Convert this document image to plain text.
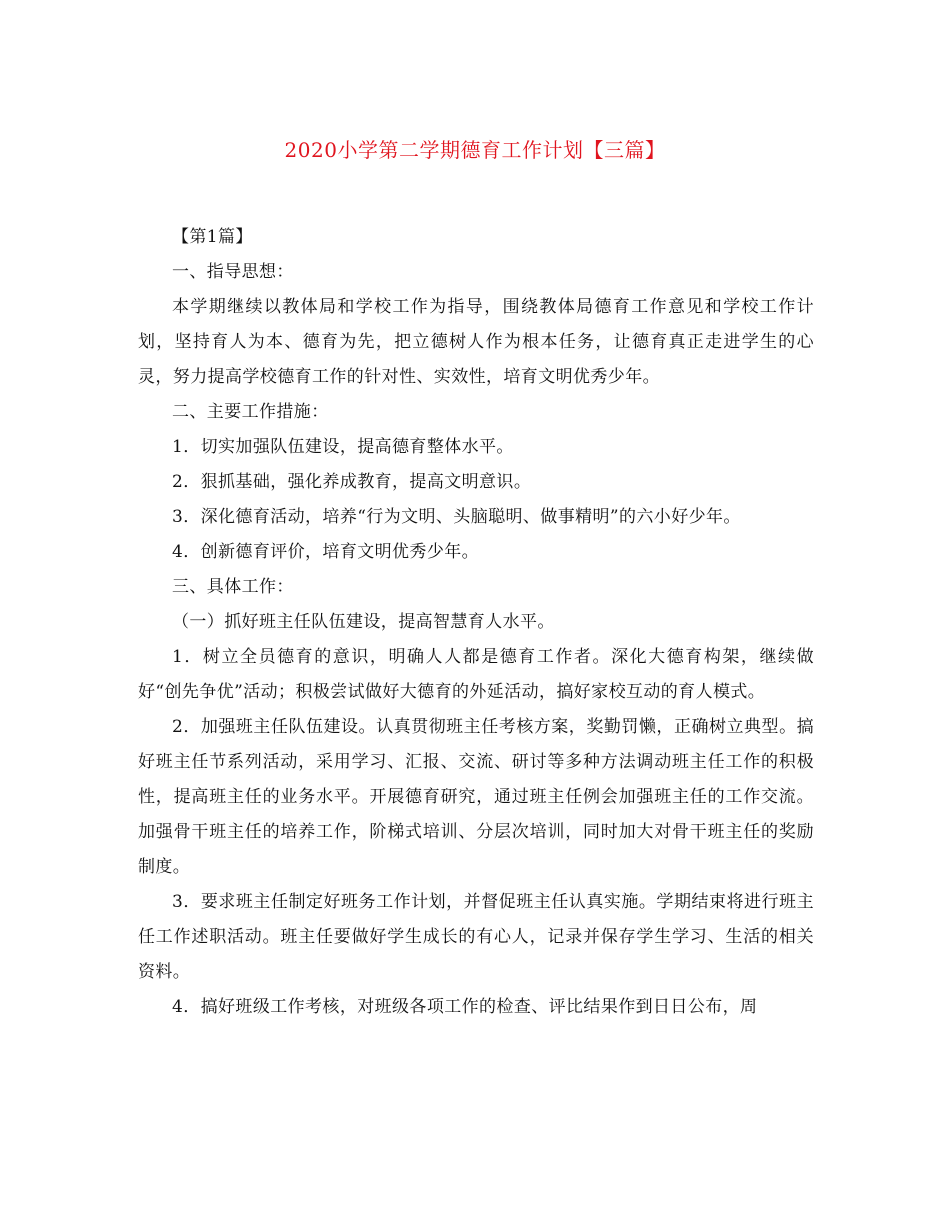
2020小学第二学期德育工作计划【三篇】

【第1篇】

一、指导思想：

本学期继续以教体局和学校工作为指导，围绕教体局德育工作意见和学校工作计划，坚持育人为本、德育为先，把立德树人作为根本任务，让德育真正走进学生的心灵，努力提高学校德育工作的针对性、实效性，培育文明优秀少年。

二、主要工作措施：

1．切实加强队伍建设，提高德育整体水平。

2．狠抓基础，强化养成教育，提高文明意识。

3．深化德育活动，培养“行为文明、头脑聪明、做事精明”的六小好少年。

4．创新德育评价，培育文明优秀少年。

三、具体工作：

（一）抓好班主任队伍建设，提高智慧育人水平。

1．树立全员德育的意识，明确人人都是德育工作者。深化大德育构架，继续做好“创先争优”活动；积极尝试做好大德育的外延活动，搞好家校互动的育人模式。

2．加强班主任队伍建设。认真贯彻班主任考核方案，奖勤罚懒，正确树立典型。搞好班主任节系列活动，采用学习、汇报、交流、研讨等多种方法调动班主任工作的积极性，提高班主任的业务水平。开展德育研究，通过班主任例会加强班主任的工作交流。加强骨干班主任的培养工作，阶梯式培训、分层次培训，同时加大对骨干班主任的奖励制度。

3．要求班主任制定好班务工作计划，并督促班主任认真实施。学期结束将进行班主任工作述职活动。班主任要做好学生成长的有心人，记录并保存学生学习、生活的相关资料。

4．搞好班级工作考核，对班级各项工作的检查、评比结果作到日日公布，周
